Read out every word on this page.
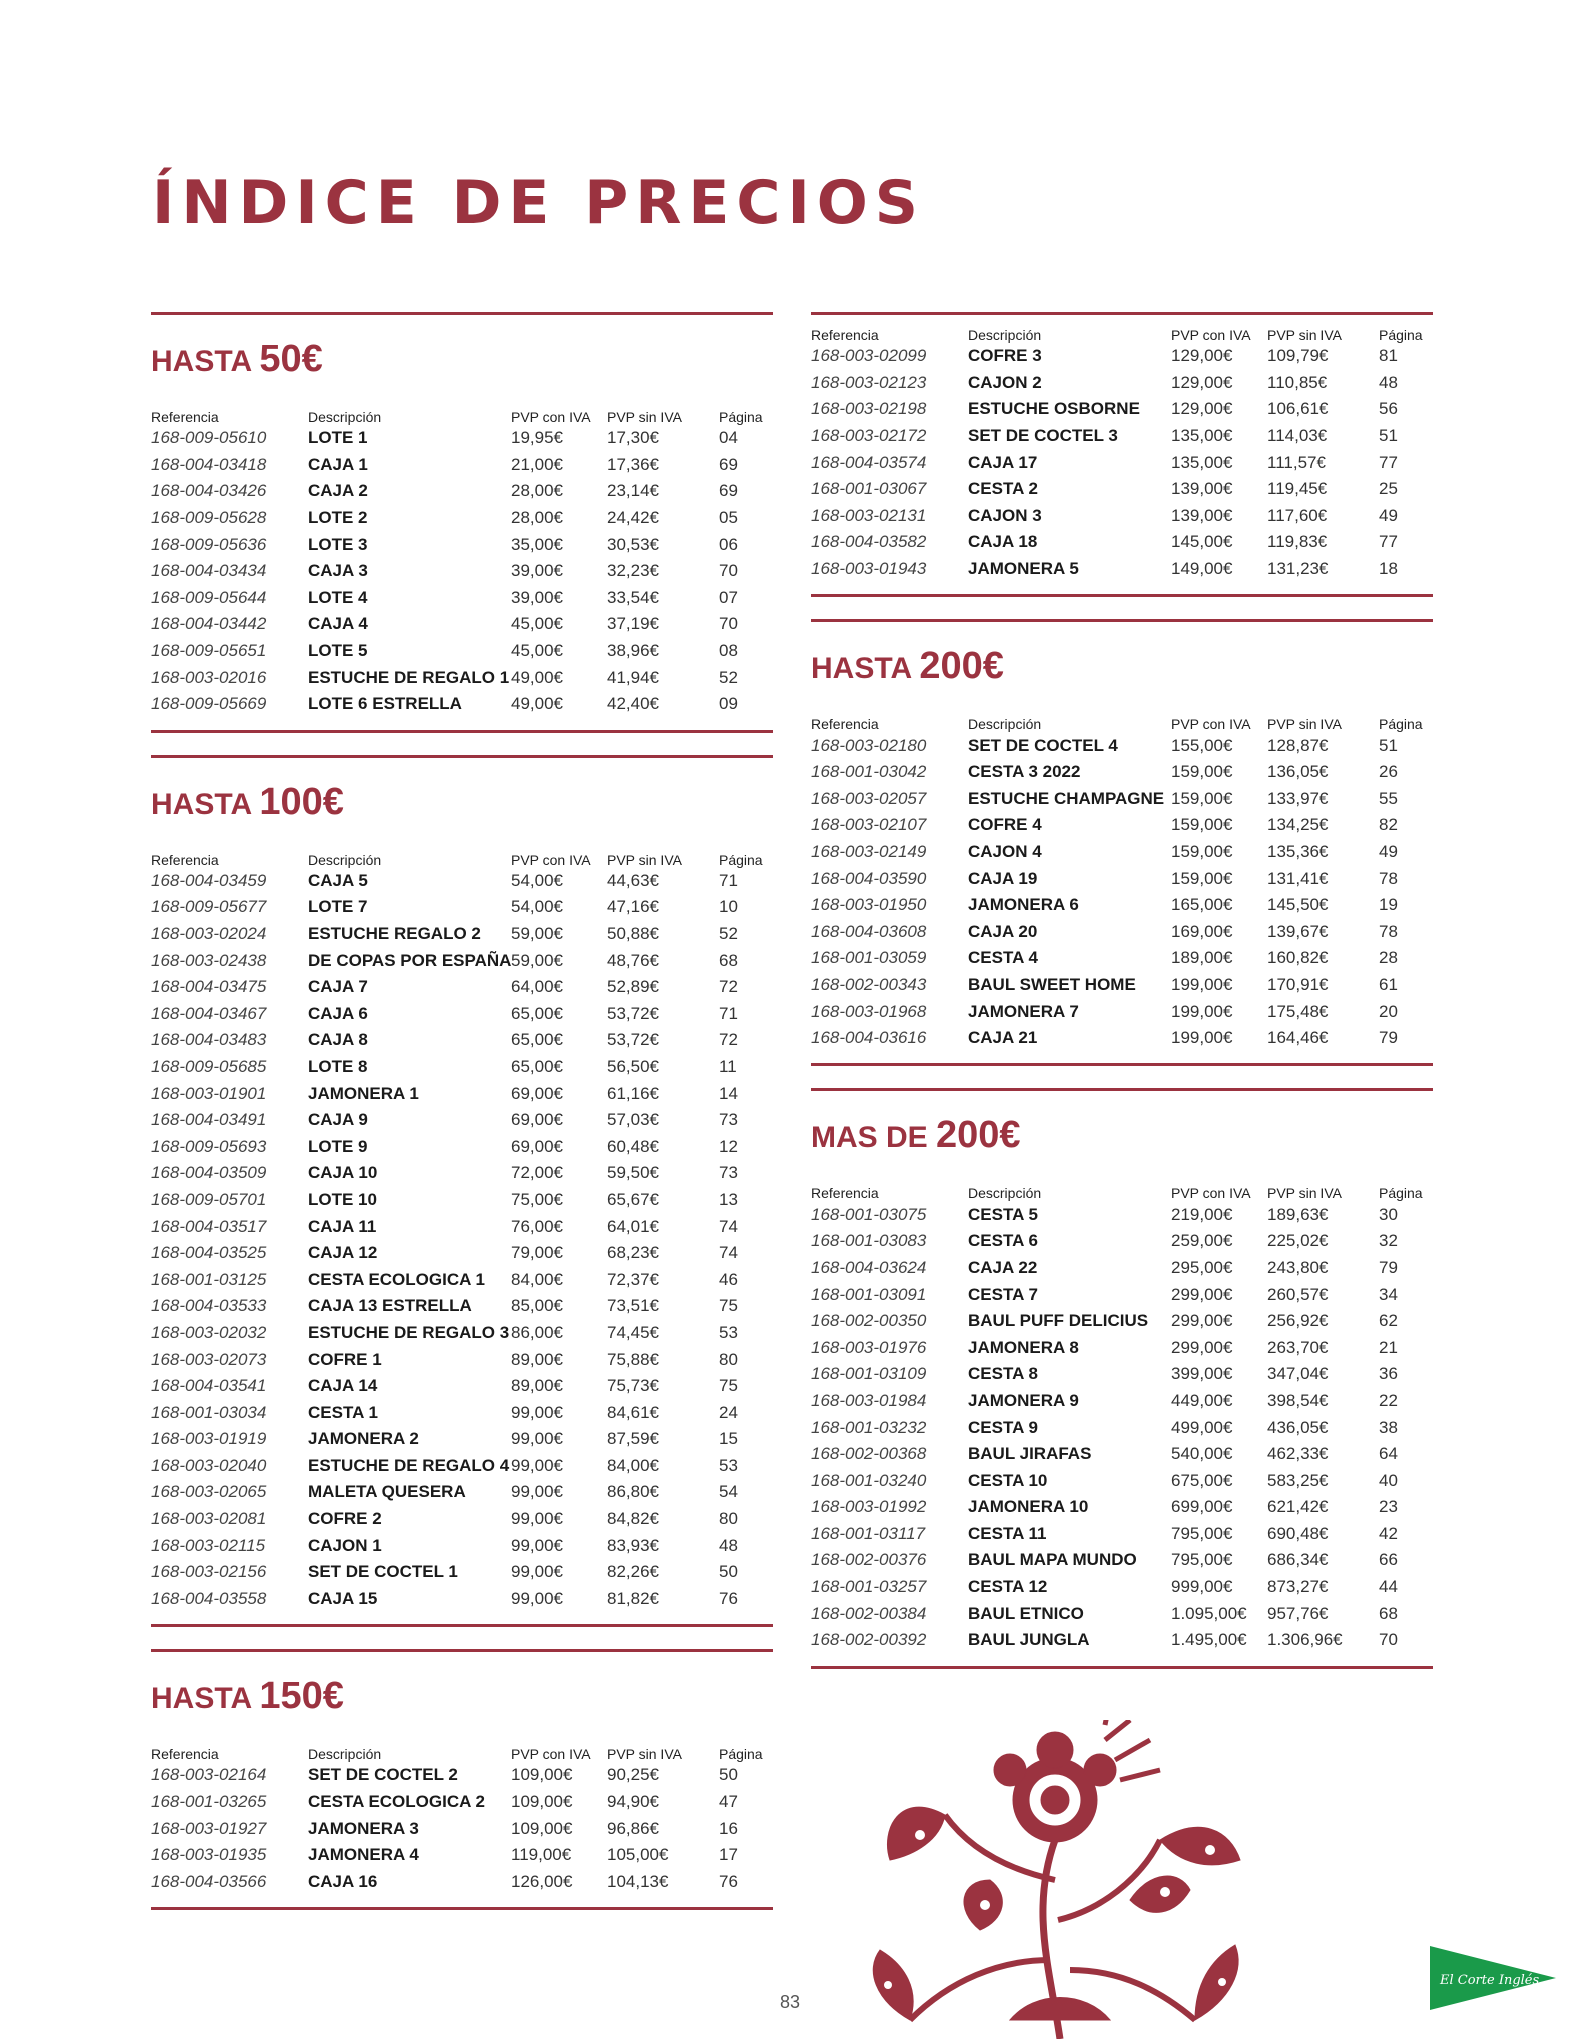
ÍNDICE DE PRECIOS
HASTA 50€
Referencia	Descripción	PVP con IVA	PVP sin IVA	Página
168-009-05610	LOTE 1	19,95€	17,30€	04
168-004-03418	CAJA 1	21,00€	17,36€	69
168-004-03426	CAJA 2	28,00€	23,14€	69
168-009-05628	LOTE 2	28,00€	24,42€	05
168-009-05636	LOTE 3	35,00€	30,53€	06
168-004-03434	CAJA 3	39,00€	32,23€	70
168-009-05644	LOTE 4	39,00€	33,54€	07
168-004-03442	CAJA 4	45,00€	37,19€	70
168-009-05651	LOTE 5	45,00€	38,96€	08
168-003-02016	ESTUCHE DE REGALO 1	49,00€	41,94€	52
168-009-05669	LOTE 6 ESTRELLA	49,00€	42,40€	09
HASTA 100€
Referencia	Descripción	PVP con IVA	PVP sin IVA	Página
168-004-03459	CAJA 5	54,00€	44,63€	71
168-009-05677	LOTE 7	54,00€	47,16€	10
168-003-02024	ESTUCHE REGALO 2	59,00€	50,88€	52
168-003-02438	DE COPAS POR ESPAÑA	59,00€	48,76€	68
168-004-03475	CAJA 7	64,00€	52,89€	72
168-004-03467	CAJA 6	65,00€	53,72€	71
168-004-03483	CAJA 8	65,00€	53,72€	72
168-009-05685	LOTE 8	65,00€	56,50€	11
168-003-01901	JAMONERA 1	69,00€	61,16€	14
168-004-03491	CAJA 9	69,00€	57,03€	73
168-009-05693	LOTE 9	69,00€	60,48€	12
168-004-03509	CAJA 10	72,00€	59,50€	73
168-009-05701	LOTE 10	75,00€	65,67€	13
168-004-03517	CAJA 11	76,00€	64,01€	74
168-004-03525	CAJA 12	79,00€	68,23€	74
168-001-03125	CESTA ECOLOGICA 1	84,00€	72,37€	46
168-004-03533	CAJA 13 ESTRELLA	85,00€	73,51€	75
168-003-02032	ESTUCHE DE REGALO 3	86,00€	74,45€	53
168-003-02073	COFRE 1	89,00€	75,88€	80
168-004-03541	CAJA 14	89,00€	75,73€	75
168-001-03034	CESTA 1	99,00€	84,61€	24
168-003-01919	JAMONERA 2	99,00€	87,59€	15
168-003-02040	ESTUCHE DE REGALO 4	99,00€	84,00€	53
168-003-02065	MALETA QUESERA	99,00€	86,80€	54
168-003-02081	COFRE 2	99,00€	84,82€	80
168-003-02115	CAJON 1	99,00€	83,93€	48
168-003-02156	SET DE COCTEL 1	99,00€	82,26€	50
168-004-03558	CAJA 15	99,00€	81,82€	76
HASTA 150€
Referencia	Descripción	PVP con IVA	PVP sin IVA	Página
168-003-02164	SET DE COCTEL 2	109,00€	90,25€	50
168-001-03265	CESTA ECOLOGICA 2	109,00€	94,90€	47
168-003-01927	JAMONERA 3	109,00€	96,86€	16
168-003-01935	JAMONERA 4	119,00€	105,00€	17
168-004-03566	CAJA 16	126,00€	104,13€	76
Referencia	Descripción	PVP con IVA	PVP sin IVA	Página
168-003-02099	COFRE 3	129,00€	109,79€	81
168-003-02123	CAJON 2	129,00€	110,85€	48
168-003-02198	ESTUCHE OSBORNE	129,00€	106,61€	56
168-003-02172	SET DE COCTEL 3	135,00€	114,03€	51
168-004-03574	CAJA 17	135,00€	111,57€	77
168-001-03067	CESTA 2	139,00€	119,45€	25
168-003-02131	CAJON 3	139,00€	117,60€	49
168-004-03582	CAJA 18	145,00€	119,83€	77
168-003-01943	JAMONERA 5	149,00€	131,23€	18
HASTA 200€
Referencia	Descripción	PVP con IVA	PVP sin IVA	Página
168-003-02180	SET DE COCTEL 4	155,00€	128,87€	51
168-001-03042	CESTA 3 2022	159,00€	136,05€	26
168-003-02057	ESTUCHE CHAMPAGNE	159,00€	133,97€	55
168-003-02107	COFRE 4	159,00€	134,25€	82
168-003-02149	CAJON 4	159,00€	135,36€	49
168-004-03590	CAJA 19	159,00€	131,41€	78
168-003-01950	JAMONERA 6	165,00€	145,50€	19
168-004-03608	CAJA 20	169,00€	139,67€	78
168-001-03059	CESTA 4	189,00€	160,82€	28
168-002-00343	BAUL SWEET HOME	199,00€	170,91€	61
168-003-01968	JAMONERA 7	199,00€	175,48€	20
168-004-03616	CAJA 21	199,00€	164,46€	79
MAS DE 200€
Referencia	Descripción	PVP con IVA	PVP sin IVA	Página
168-001-03075	CESTA 5	219,00€	189,63€	30
168-001-03083	CESTA 6	259,00€	225,02€	32
168-004-03624	CAJA 22	295,00€	243,80€	79
168-001-03091	CESTA 7	299,00€	260,57€	34
168-002-00350	BAUL PUFF DELICIUS	299,00€	256,92€	62
168-003-01976	JAMONERA 8	299,00€	263,70€	21
168-001-03109	CESTA 8	399,00€	347,04€	36
168-003-01984	JAMONERA 9	449,00€	398,54€	22
168-001-03232	CESTA 9	499,00€	436,05€	38
168-002-00368	BAUL JIRAFAS	540,00€	462,33€	64
168-001-03240	CESTA 10	675,00€	583,25€	40
168-003-01992	JAMONERA 10	699,00€	621,42€	23
168-001-03117	CESTA 11	795,00€	690,48€	42
168-002-00376	BAUL MAPA MUNDO	795,00€	686,34€	66
168-001-03257	CESTA 12	999,00€	873,27€	44
168-002-00384	BAUL ETNICO	1.095,00€	957,76€	68
168-002-00392	BAUL JUNGLA	1.495,00€	1.306,96€	70
El Corte Inglés
83
